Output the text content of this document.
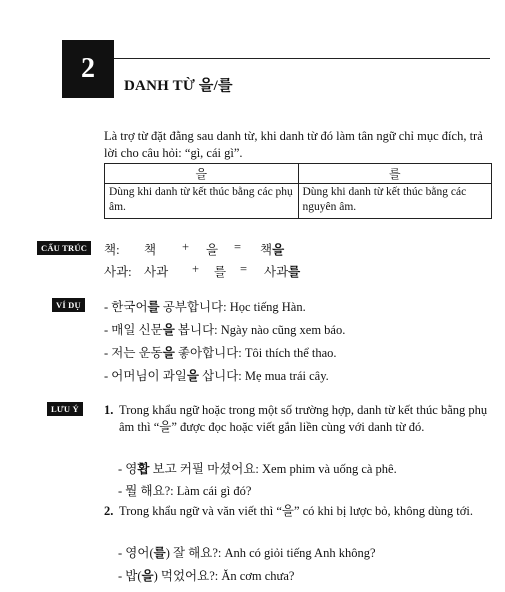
2
DANH TỪ 을/를
Là trợ từ đặt đằng sau danh từ, khi danh từ đó làm tân ngữ chỉ mục đích, trả lời cho câu hỏi: “gì, cái gì”.
을	를
Dùng khi danh từ kết thúc bằng các phụ âm.	Dùng khi danh từ kết thúc bằng các nguyên âm.
CẤU TRÚC	책: 책 + 을 = 책을
사과: 사과 + 를 = 사과를
VÍ DỤ	- 한국어를 공부합니다: Học tiếng Hàn.
- 매일 신문을 봅니다: Ngày nào cũng xem báo.
- 저는 운동을 좋아합니다: Tôi thích thể thao.
- 어머님이 과일을 삽니다: Mẹ mua trái cây.
LƯU Ý	1. Trong khẩu ngữ hoặc trong một số trường hợp, danh từ kết thúc bằng phụ âm thì “을” được đọc hoặc viết gắn liền cùng với danh từ đó.
- 영홥 보고 커필 마셨어요: Xem phim và uống cà phê.
- 뭘 해요?: Làm cái gì đó?
2. Trong khẩu ngữ và văn viết thì “을” có khi bị lược bỏ, không dùng tới.
- 영어(를) 잘 해요?: Anh có giỏi tiếng Anh không?
- 밥(을) 먹었어요?: Ăn cơm chưa?
